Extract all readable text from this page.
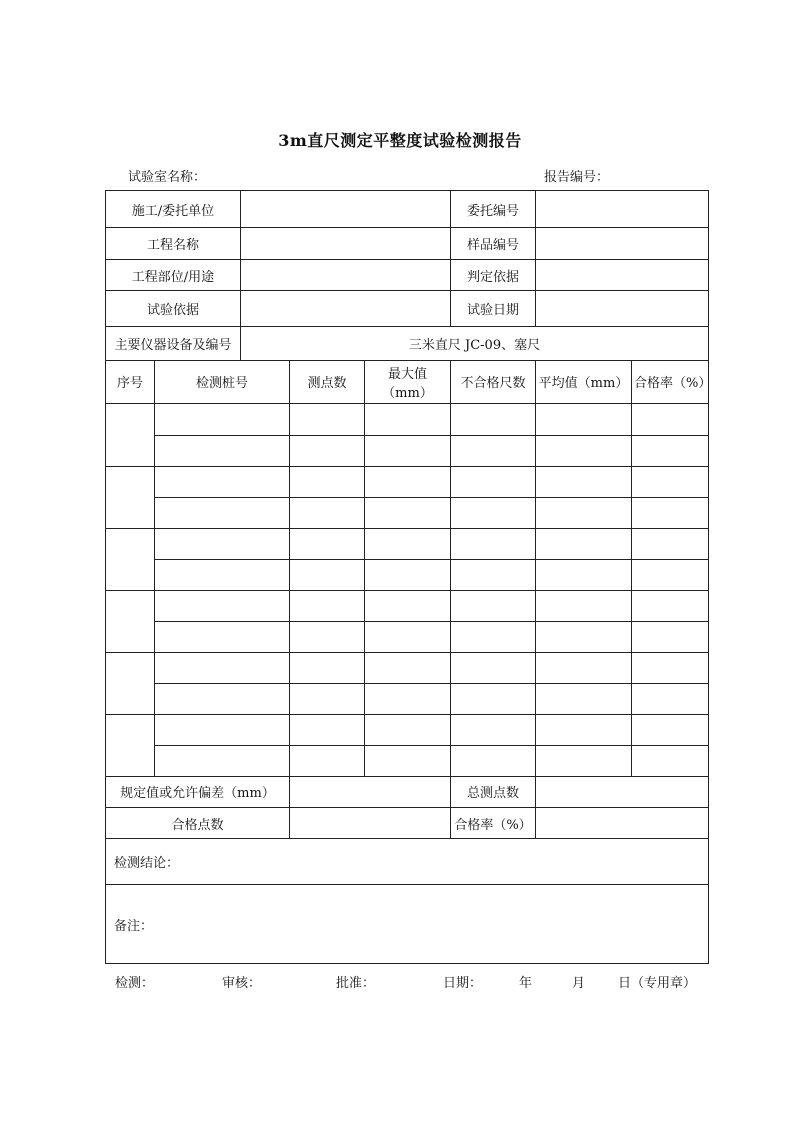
3m直尺测定平整度试验检测报告
试验室名称：	报告编号：
施工/委托单位		委托编号	
工程名称		样品编号	
工程部位/用途		判定依据	
试验依据		试验日期	
主要仪器设备及编号	三米直尺 JC-09、塞尺		
序号	检测桩号	测点数	最大值（mm）	不合格尺数	平均值（mm）	合格率（%）

规定值或允许偏差（mm）		总测点数	
合格点数		合格率（%）	
检测结论：			
备注：			
检测：	审核：	批准：	日期：	年	月	日（专用章）
